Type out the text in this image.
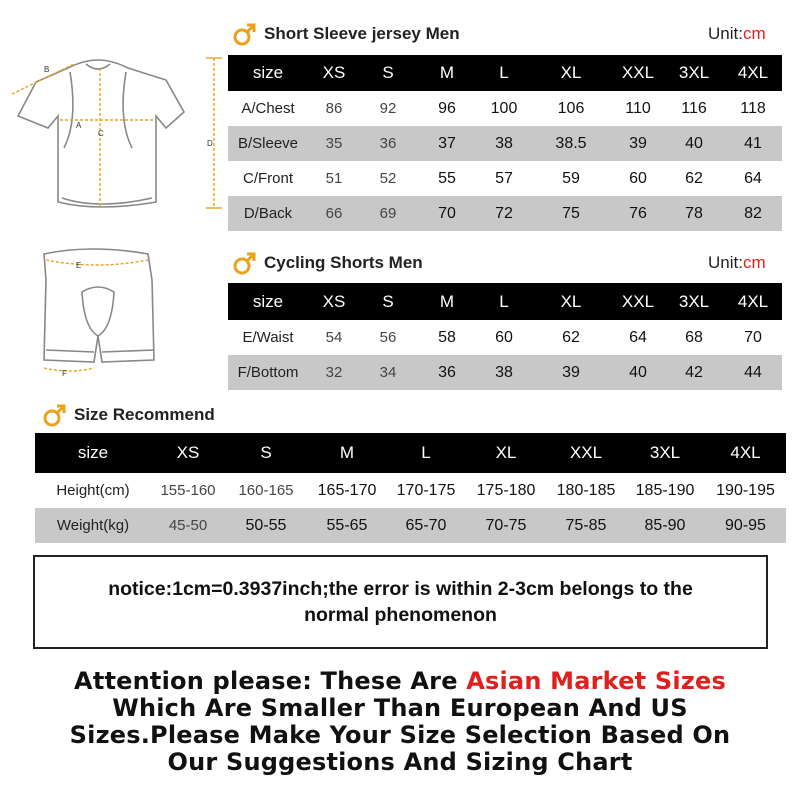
B
A
C
D
E
F
Short Sleeve jersey Men	Unit:cm
size	XS	S	M	L	XL	XXL	3XL	4XL
A/Chest	86	92	96	100	106	110	116	118
B/Sleeve	35	36	37	38	38.5	39	40	41
C/Front	51	52	55	57	59	60	62	64
D/Back	66	69	70	72	75	76	78	82
Cycling Shorts Men	Unit:cm
size	XS	S	M	L	XL	XXL	3XL	4XL
E/Waist	54	56	58	60	62	64	68	70
F/Bottom	32	34	36	38	39	40	42	44
Size Recommend
size	XS	S	M	L	XL	XXL	3XL	4XL
Height(cm)	155-160	160-165	165-170	170-175	175-180	180-185	185-190	190-195
Weight(kg)	45-50	50-55	55-65	65-70	70-75	75-85	85-90	90-95
notice:1cm=0.3937inch;the error is within 2-3cm belongs to the
normal phenomenon
Attention please: These Are Asian Market Sizes
Which Are Smaller Than European And US
Sizes.Please Make Your Size Selection Based On
Our Suggestions And Sizing Chart
